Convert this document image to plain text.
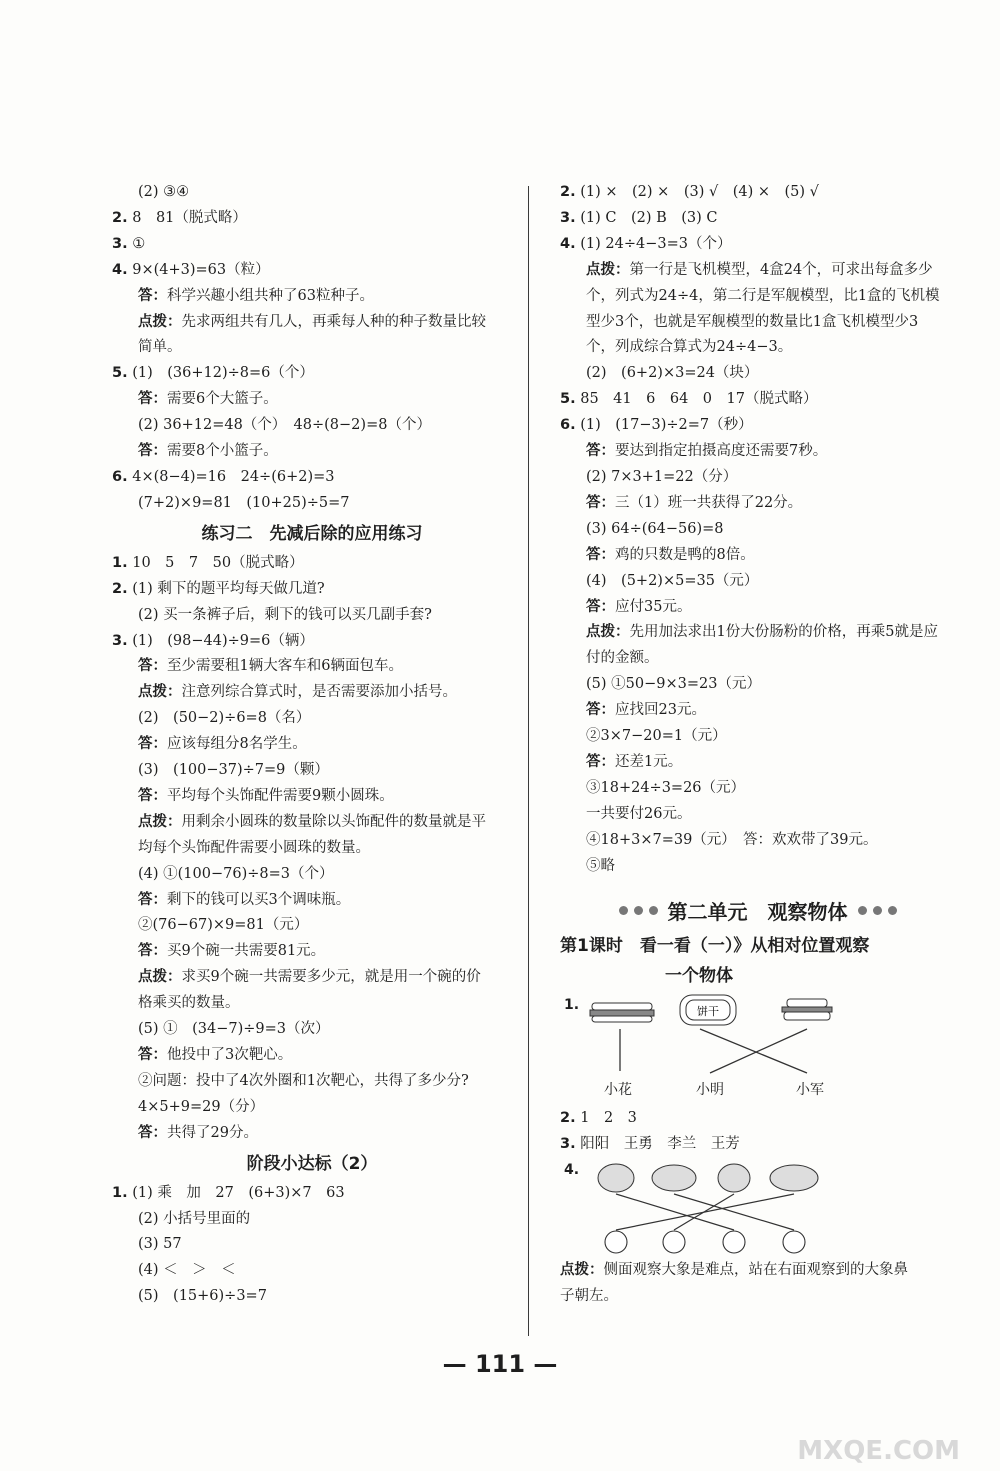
(2) ③④
2. 8　81（脱式略）
3. ①
4. 9×(4+3)=63（粒）
答：科学兴趣小组共种了63粒种子。
点拨：先求两组共有几人，再乘每人种的种子数量比较
简单。
5. (1)　(36+12)÷8=6（个）
答：需要6个大篮子。
(2) 36+12=48（个）　48÷(8−2)=8（个）
答：需要8个小篮子。
6. 4×(8−4)=16　24÷(6+2)=3
(7+2)×9=81　(10+25)÷5=7
练习二　先减后除的应用练习
1. 10　5　7　50（脱式略）
2. (1) 剩下的题平均每天做几道?
(2) 买一条裤子后，剩下的钱可以买几副手套?
3. (1)　(98−44)÷9=6（辆）
答：至少需要租1辆大客车和6辆面包车。
点拨：注意列综合算式时，是否需要添加小括号。
(2)　(50−2)÷6=8（名）
答：应该每组分8名学生。
(3)　(100−37)÷7=9（颗）
答：平均每个头饰配件需要9颗小圆珠。
点拨：用剩余小圆珠的数量除以头饰配件的数量就是平
均每个头饰配件需要小圆珠的数量。
(4) ①(100−76)÷8=3（个）
答：剩下的钱可以买3个调味瓶。
②(76−67)×9=81（元）
答：买9个碗一共需要81元。
点拨：求买9个碗一共需要多少元，就是用一个碗的价
格乘买的数量。
(5) ①　(34−7)÷9=3（次）
答：他投中了3次靶心。
②问题：投中了4次外圈和1次靶心，共得了多少分?
4×5+9=29（分）
答：共得了29分。
阶段小达标（2）
1. (1) 乘　加　27　(6+3)×7　63
(2) 小括号里面的
(3) 57
(4) ＜　＞　＜
(5)　(15+6)÷3=7
2. (1) ×　(2) ×　(3) √　(4) ×　(5) √
3. (1) C　(2) B　(3) C
4. (1) 24÷4−3=3（个）
点拨：第一行是飞机模型，4盒24个，可求出每盒多少
个，列式为24÷4，第二行是军舰模型，比1盒的飞机模
型少3个，也就是军舰模型的数量比1盒飞机模型少3
个，列成综合算式为24÷4−3。
(2)　(6+2)×3=24（块）
5. 85　41　6　64　0　17（脱式略）
6. (1)　(17−3)÷2=7（秒）
答：要达到指定拍摄高度还需要7秒。
(2) 7×3+1=22（分）
答：三（1）班一共获得了22分。
(3) 64÷(64−56)=8
答：鸡的只数是鸭的8倍。
(4)　(5+2)×5=35（元）
答：应付35元。
点拨：先用加法求出1份大份肠粉的价格，再乘5就是应
付的金额。
(5) ①50−9×3=23（元）
答：应找回23元。
②3×7−20=1（元）
答：还差1元。
③18+24÷3=26（元）
一共要付26元。
④18+3×7=39（元）　答：欢欢带了39元。
⑤略
第二单元　观察物体
第1课时　看一看（一）》从相对位置观察
一个物体
1.	饼干
小花	小明	小军
2. 1　2　3
3. 阳阳　王勇　李兰　王芳
4.
点拨：侧面观察大象是难点，站在右面观察到的大象鼻
子朝左。
— 111 —
MXQE.COM
